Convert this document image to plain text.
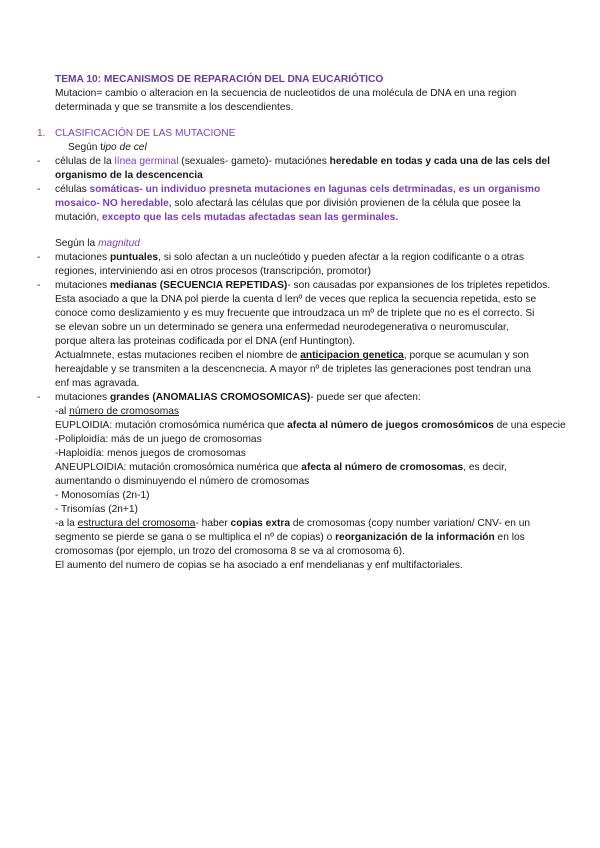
TEMA 10: MECANISMOS DE REPARACIÓN DEL DNA EUCARIÓTICO
Mutacion= cambio o alteracion en la secuencia de nucleotidos de una molécula de DNA en una region
determinada y que se transmite a los descendientes.
1. CLASIFICACIÓN DE LAS MUTACIONE
Según tipo de cel
- células de la línea germinal (sexuales- gameto)- mutaciónes heredable en todas y cada una de las cels del
organismo de la descencencia
- células somáticas- un individuo presneta mutaciones en lagunas cels detrminadas, es un organismo
mosaico- NO heredable, solo afectará las células que por división provienen de la célula que posee la
mutación, excepto que las cels mutadas afectadas sean las germinales.
Según la magnitud
- mutaciones puntuales, si solo afectan a un nucleótido y pueden afectar a la region codificante o a otras
regiones, interviniendo asi en otros procesos (transcripción, promotor)
- mutaciones medianas (SECUENCIA REPETIDAS)- son causadas por expansiones de los tripletes repetidos.
Esta asociado a que la DNA pol pierde la cuenta d lenº de veces que replica la secuencia repetida, esto se
conoce como deslizamiento y es muy frecuente que introudzaca un mº de triplete que no es el correcto. Si
se elevan sobre un un determinado se genera una enfermedad neurodegenerativa o neuromuscular,
porque altera las proteinas codificada por el DNA (enf Huntington).
Actualmnete, estas mutaciones reciben el niombre de anticipacion genetica, porque se acumulan y son
hereajdable y se transmiten a la descencnecia. A mayor nº de tripletes las generaciones post tendran una
enf mas agravada.
- mutaciones grandes (ANOMALIAS CROMOSOMICAS)- puede ser que afecten:
-al número de cromosomas
EUPLOIDIA: mutación cromosómica numérica que afecta al número de juegos cromosómicos de una especie
-Poliploidía: más de un juego de cromosomas
-Haploidía: menos juegos de cromosomas
ANEUPLOIDIA: mutación cromosómica numérica que afecta al número de cromosomas, es decir,
aumentando o disminuyendo el número de cromosomas
- Monosomías (2n-1)
- Trisomías (2n+1)
-a la estructura del cromosoma- haber copias extra de cromosomas (copy number variation/ CNV- en un
segmento se pierde se gana o se multiplica el nº de copias) o reorganización de la información en los
cromosomas (por ejemplo, un trozo del cromosoma 8 se va al cromosoma 6).
El aumento del numero de copias se ha asociado a enf mendelianas y enf multifactoriales.
